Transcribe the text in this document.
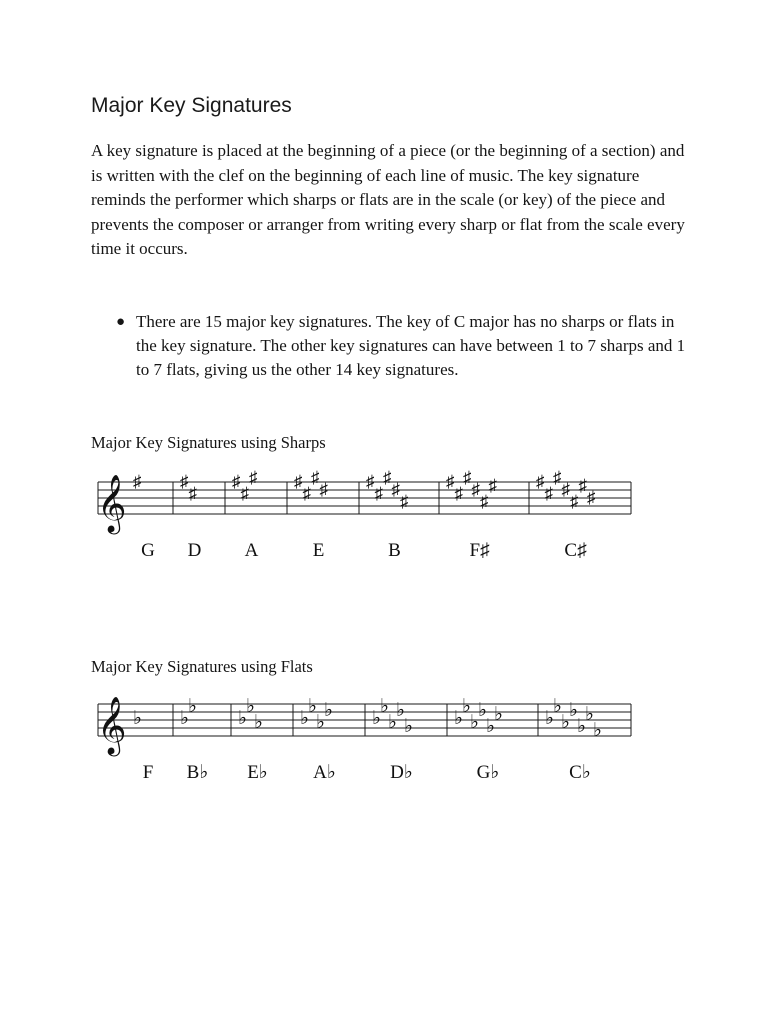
Major Key Signatures

A key signature is placed at the beginning of a piece (or the beginning of a section) and is written with the clef on the beginning of each line of music. The key signature reminds the performer which sharps or flats are in the scale (or key) of the piece and prevents the composer or arranger from writing every sharp or flat from the scale every time it occurs.

● There are 15 major key signatures. The key of C major has no sharps or flats in the key signature. The other key signatures can have between 1 to 7 sharps and 1 to 7 flats, giving us the other 14 key signatures.
Major Key Signatures using Sharps
𝄞 ♯
G
♯
♯
D
♯
♯
♯
A
♯
♯
♯
♯
E
♯
♯
♯
♯
♯
B
♯
♯
♯
♯
♯
♯
F♯
♯
♯
♯
♯
♯
♯
♯
C♯
Major Key Signatures using Flats
𝄞 ♭
F
♭
♭
B♭
♭
♭
♭
E♭
♭
♭
♭
♭
A♭
♭
♭
♭
♭
♭
D♭
♭
♭
♭
♭
♭
♭
G♭
♭
♭
♭
♭
♭
♭
♭
C♭
